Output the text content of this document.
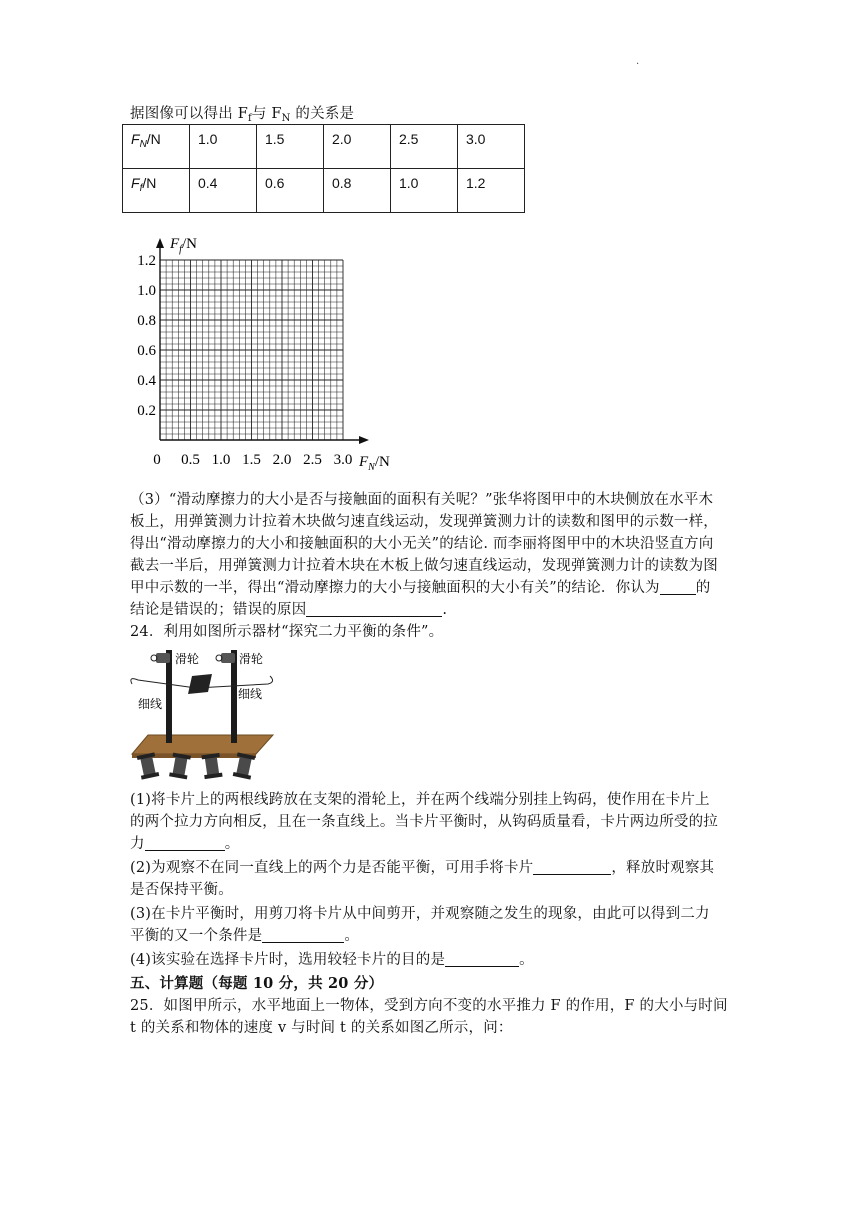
.
据图像可以得出 $F_f$与 $F_N$ 的关系是
$F_N/N$	1.0	1.5	2.0	2.5	3.0
$F_f/N$	0.4	0.6	0.8	1.0	1.2
0 0.5 1.0 1.5 2.0 2.5 3.0
0.2
0.4
0.6
0.8
1.0
1.2
$F_f/N$
$F_N/N$
（3）“滑动摩擦力的大小是否与接触面的面积有关呢？”张华将图甲中的木块侧放在水平木
板上，用弹簧测力计拉着木块做匀速直线运动，发现弹簧测力计的读数和图甲的示数一样，
得出“滑动摩擦力的大小和接触面积的大小无关”的结论. 而李丽将图甲中的木块沿竖直方向
截去一半后，用弹簧测力计拉着木块在木板上做匀速直线运动，发现弹簧测力计的读数为图
甲中示数的一半，得出“滑动摩擦力的大小与接触面积的大小有关”的结论．你认为 的
结论是错误的；错误的原因	.
24．利用如图所示器材“探究二力平衡的条件”。
滑轮	滑轮
细线
细线
(1)将卡片上的两根线跨放在支架的滑轮上，并在两个线端分别挂上钩码，使作用在卡片上
的两个拉力方向相反，且在一条直线上。当卡片平衡时，从钩码质量看，卡片两边所受的拉
力	。
(2)为观察不在同一直线上的两个力是否能平衡，可用手将卡片	，释放时观察其
是否保持平衡。
(3)在卡片平衡时，用剪刀将卡片从中间剪开，并观察随之发生的现象，由此可以得到二力
平衡的又一个条件是	。
(4)该实验在选择卡片时，选用较轻卡片的目的是	。
五、计算题（每题 10 分，共 20 分）
25．如图甲所示，水平地面上一物体，受到方向不变的水平推力 F 的作用，F 的大小与时间
t 的关系和物体的速度 v 与时间 t 的关系如图乙所示，问：
